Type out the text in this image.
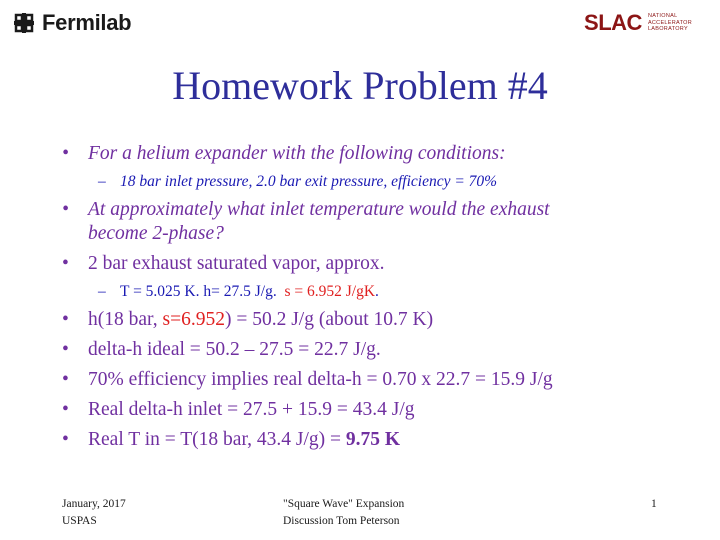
Fermilab	SLAC NATIONAL
ACCELERATOR
LABORATORY
Homework Problem #4
• For a helium expander with the following conditions:
– 18 bar inlet pressure, 2.0 bar exit pressure, efficiency = 70%
• At approximately what inlet temperature would the exhaust
become 2-phase?
• 2 bar exhaust saturated vapor, approx.
– T = 5.025 K. h= 27.5 J/g. s = 6.952 J/gK.
• h(18 bar, s=6.952) = 50.2 J/g (about 10.7 K)
• delta-h ideal = 50.2 – 27.5 = 22.7 J/g.
• 70% efficiency implies real delta-h = 0.70 x 22.7 = 15.9 J/g
• Real delta-h inlet = 27.5 + 15.9 = 43.4 J/g
• Real T in = T(18 bar, 43.4 J/g) = 9.75 K
January, 2017
USPAS
"Square Wave" Expansion
Discussion Tom Peterson
1
